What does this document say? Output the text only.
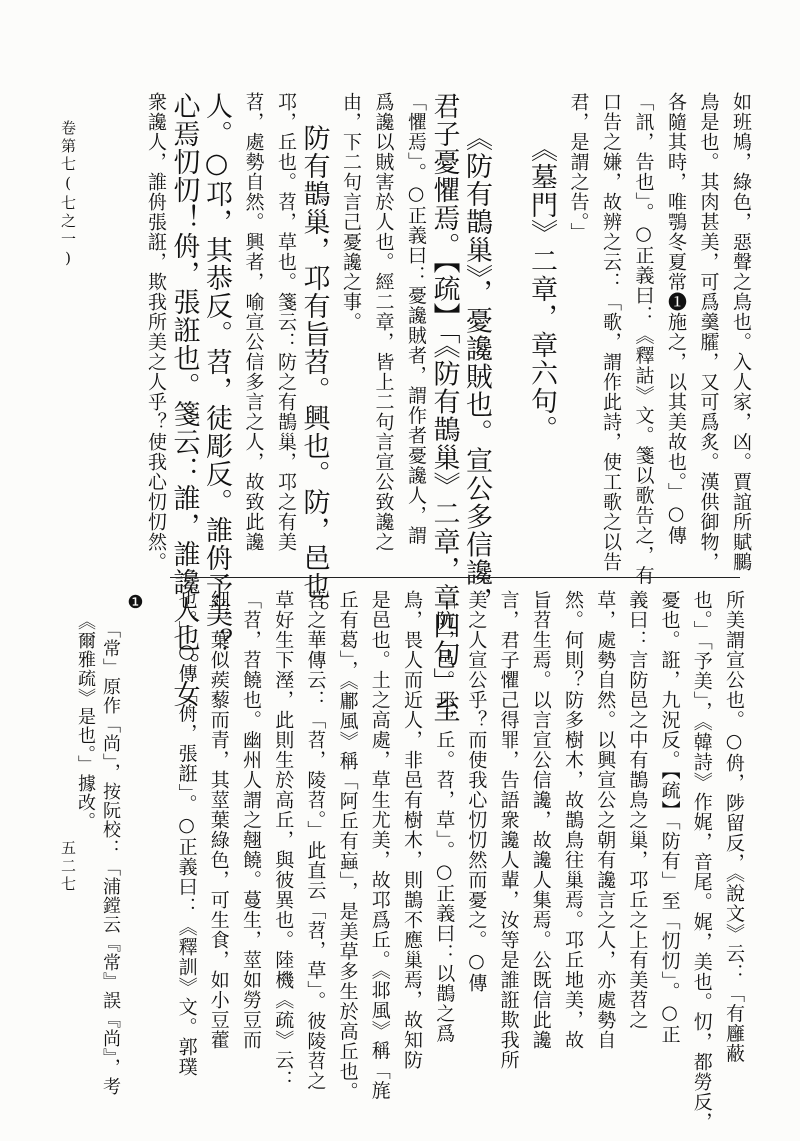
卷第七(七之一)
五二七
如班鳩，綠色，惡聲之鳥也。入人家，凶。賈誼所賦鵩
鳥是也。其肉甚美，可爲羹臛，又可爲炙。漢供御物，
各隨其時，唯鶚冬夏常❶施之，以其美故也。」○傳
「訊，告也」。○正義曰：《釋詁》文。箋以歌告之，有
口告之嫌，故辨之云：「歌，謂作此詩，使工歌之以告
君，是謂之告。」
《墓門》二章，章六句。
《防有鵲巢》，憂讒賊也。宣公多信讒，
君子憂懼焉。【疏】「《防有鵲巢》二章，章四句」至
「懼焉」。○正義曰：憂讒賊者，謂作者憂讒人，謂
爲讒以賊害於人也。經二章，皆上二句言宣公致讒之
由，下二句言己憂讒之事。
防有鵲巢，邛有旨苕。興也。防，邑也。
邛，丘也。苕，草也。箋云：防之有鵲巢，邛之有美
苕，處勢自然。興者，喻宣公信多言之人，故致此讒
人。○邛，其恭反。苕，徒彫反。誰侜予美？
心焉忉忉！侜，張誑也。箋云：誰，誰讒人也。女
衆讒人，誰侜張誑，欺我所美之人乎？使我心忉忉然。
所美謂宣公也。○侜，陟留反，《說文》云：「有廱蔽
也。」「予美」，《韓詩》作娓，音尾。娓，美也。忉，都勞反，
憂也。誑，九況反。【疏】「防有」至「忉忉」。○正
義曰：言防邑之中有鵲鳥之巢，邛丘之上有美苕之
草，處勢自然。以興宣公之朝有讒言之人，亦處勢自
然。何則？防多樹木，故鵲鳥往巢焉。邛丘地美，故
旨苕生焉。以言宣公信讒，故讒人集焉。公既信此讒
言，君子懼己得罪，告語衆讒人輩，汝等是誰誑欺我所
美之人宣公乎？而使我心忉忉然而憂之。○傳
「防，邑。邛，丘。苕，草」。○正義曰：以鵲之爲
鳥，畏人而近人，非邑有樹木，則鵲不應巢焉，故知防
是邑也。土之高處，草生尤美，故邛爲丘。《邶風》稱「旄
丘有葛」，《鄘風》稱「阿丘有蝱」，是美草多生於高丘也。
苕之華傳云：「苕，陵苕。」此直云「苕，草」。彼陵苕之
草好生下溼，此則生於高丘，與彼異也。陸機《疏》云：
「苕，苕饒也。幽州人謂之翹饒。蔓生，莖如勞豆而
細，葉似蒺藜而青，其莖葉綠色，可生食，如小豆藿
也。」○傳「侜，張誑」。○正義曰：《釋訓》文。郭璞
❶
「常」原作「尚」，按阮校：「浦鏜云『常』誤『尚』，考
《爾雅疏》是也。」據改。
